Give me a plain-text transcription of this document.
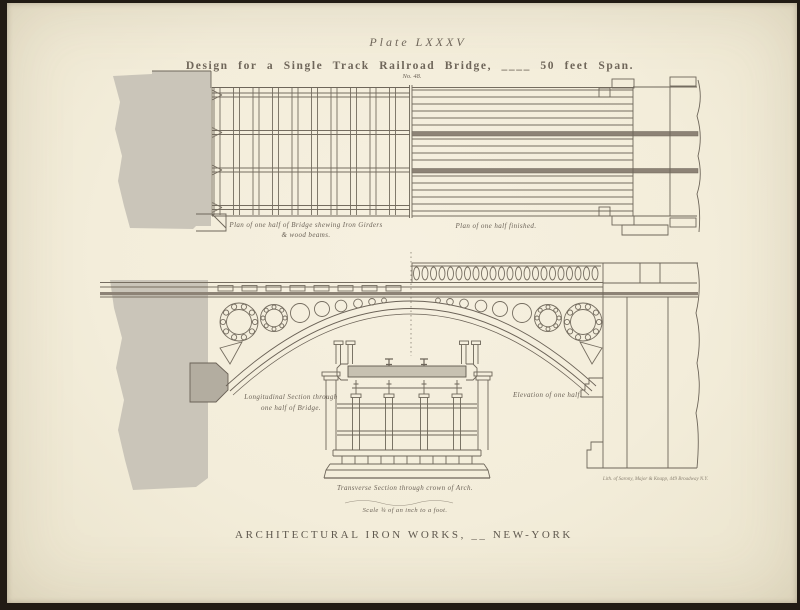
Plate LXXXV
Design for a Single Track Railroad Bridge, ____ 50 feet Span.
No. 48.
Plan of one half of Bridge shewing Iron Girders
& wood beams.
Plan of one half finished.
Longitudinal Section through
one half of Bridge.
Elevation of one half.
Transverse Section through crown of Arch.
Scale ¾ of an inch to a foot.
ARCHITECTURAL IRON WORKS, __ NEW-YORK
Lith. of Sarony, Major & Knapp, 449 Broadway N.Y.
